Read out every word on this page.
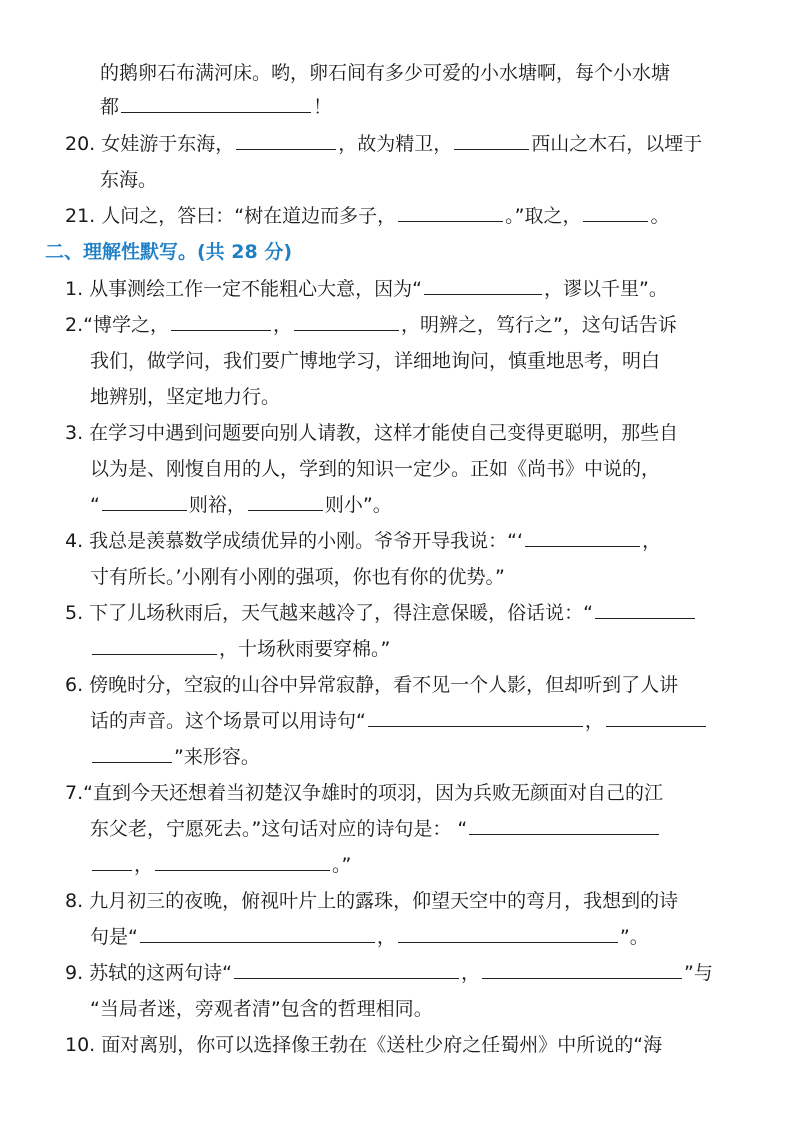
的鹅卵石布满河床。哟，卵石间有多少可爱的小水塘啊，每个小水塘
都	！
20. 女娃游于东海，	，故为精卫，	西山之木石，以堙于
东海。
21. 人问之，答曰：“树在道边而多子，	。”取之，	。
二、理解性默写。(共 28 分)
1. 从事测绘工作一定不能粗心大意，因为“	，谬以千里”。
2.“博学之，	，	，明辨之，笃行之”，这句话告诉
我们，做学问，我们要广博地学习，详细地询问，慎重地思考，明白
地辨别，坚定地力行。
3. 在学习中遇到问题要向别人请教，这样才能使自己变得更聪明，那些自
以为是、刚愎自用的人，学到的知识一定少。正如《尚书》中说的，
“	则裕，	则小”。
4. 我总是羡慕数学成绩优异的小刚。爷爷开导我说：“‘	，
寸有所长。’小刚有小刚的强项，你也有你的优势。”
5. 下了儿场秋雨后，天气越来越冷了，得注意保暖，俗话说：“
，十场秋雨要穿棉。”
6. 傍晚时分，空寂的山谷中异常寂静，看不见一个人影，但却听到了人讲
话的声音。这个场景可以用诗句“	，
”来形容。
7.“直到今天还想着当初楚汉争雄时的项羽，因为兵败无颜面对自己的江
东父老，宁愿死去。”这句话对应的诗句是： “
，	。”
8. 九月初三的夜晚，俯视叶片上的露珠，仰望天空中的弯月，我想到的诗
句是“	，	”。
9. 苏轼的这两句诗“	，	”与
“当局者迷，旁观者清”包含的哲理相同。
10. 面对离别，你可以选择像王勃在《送杜少府之任蜀州》中所说的“海
